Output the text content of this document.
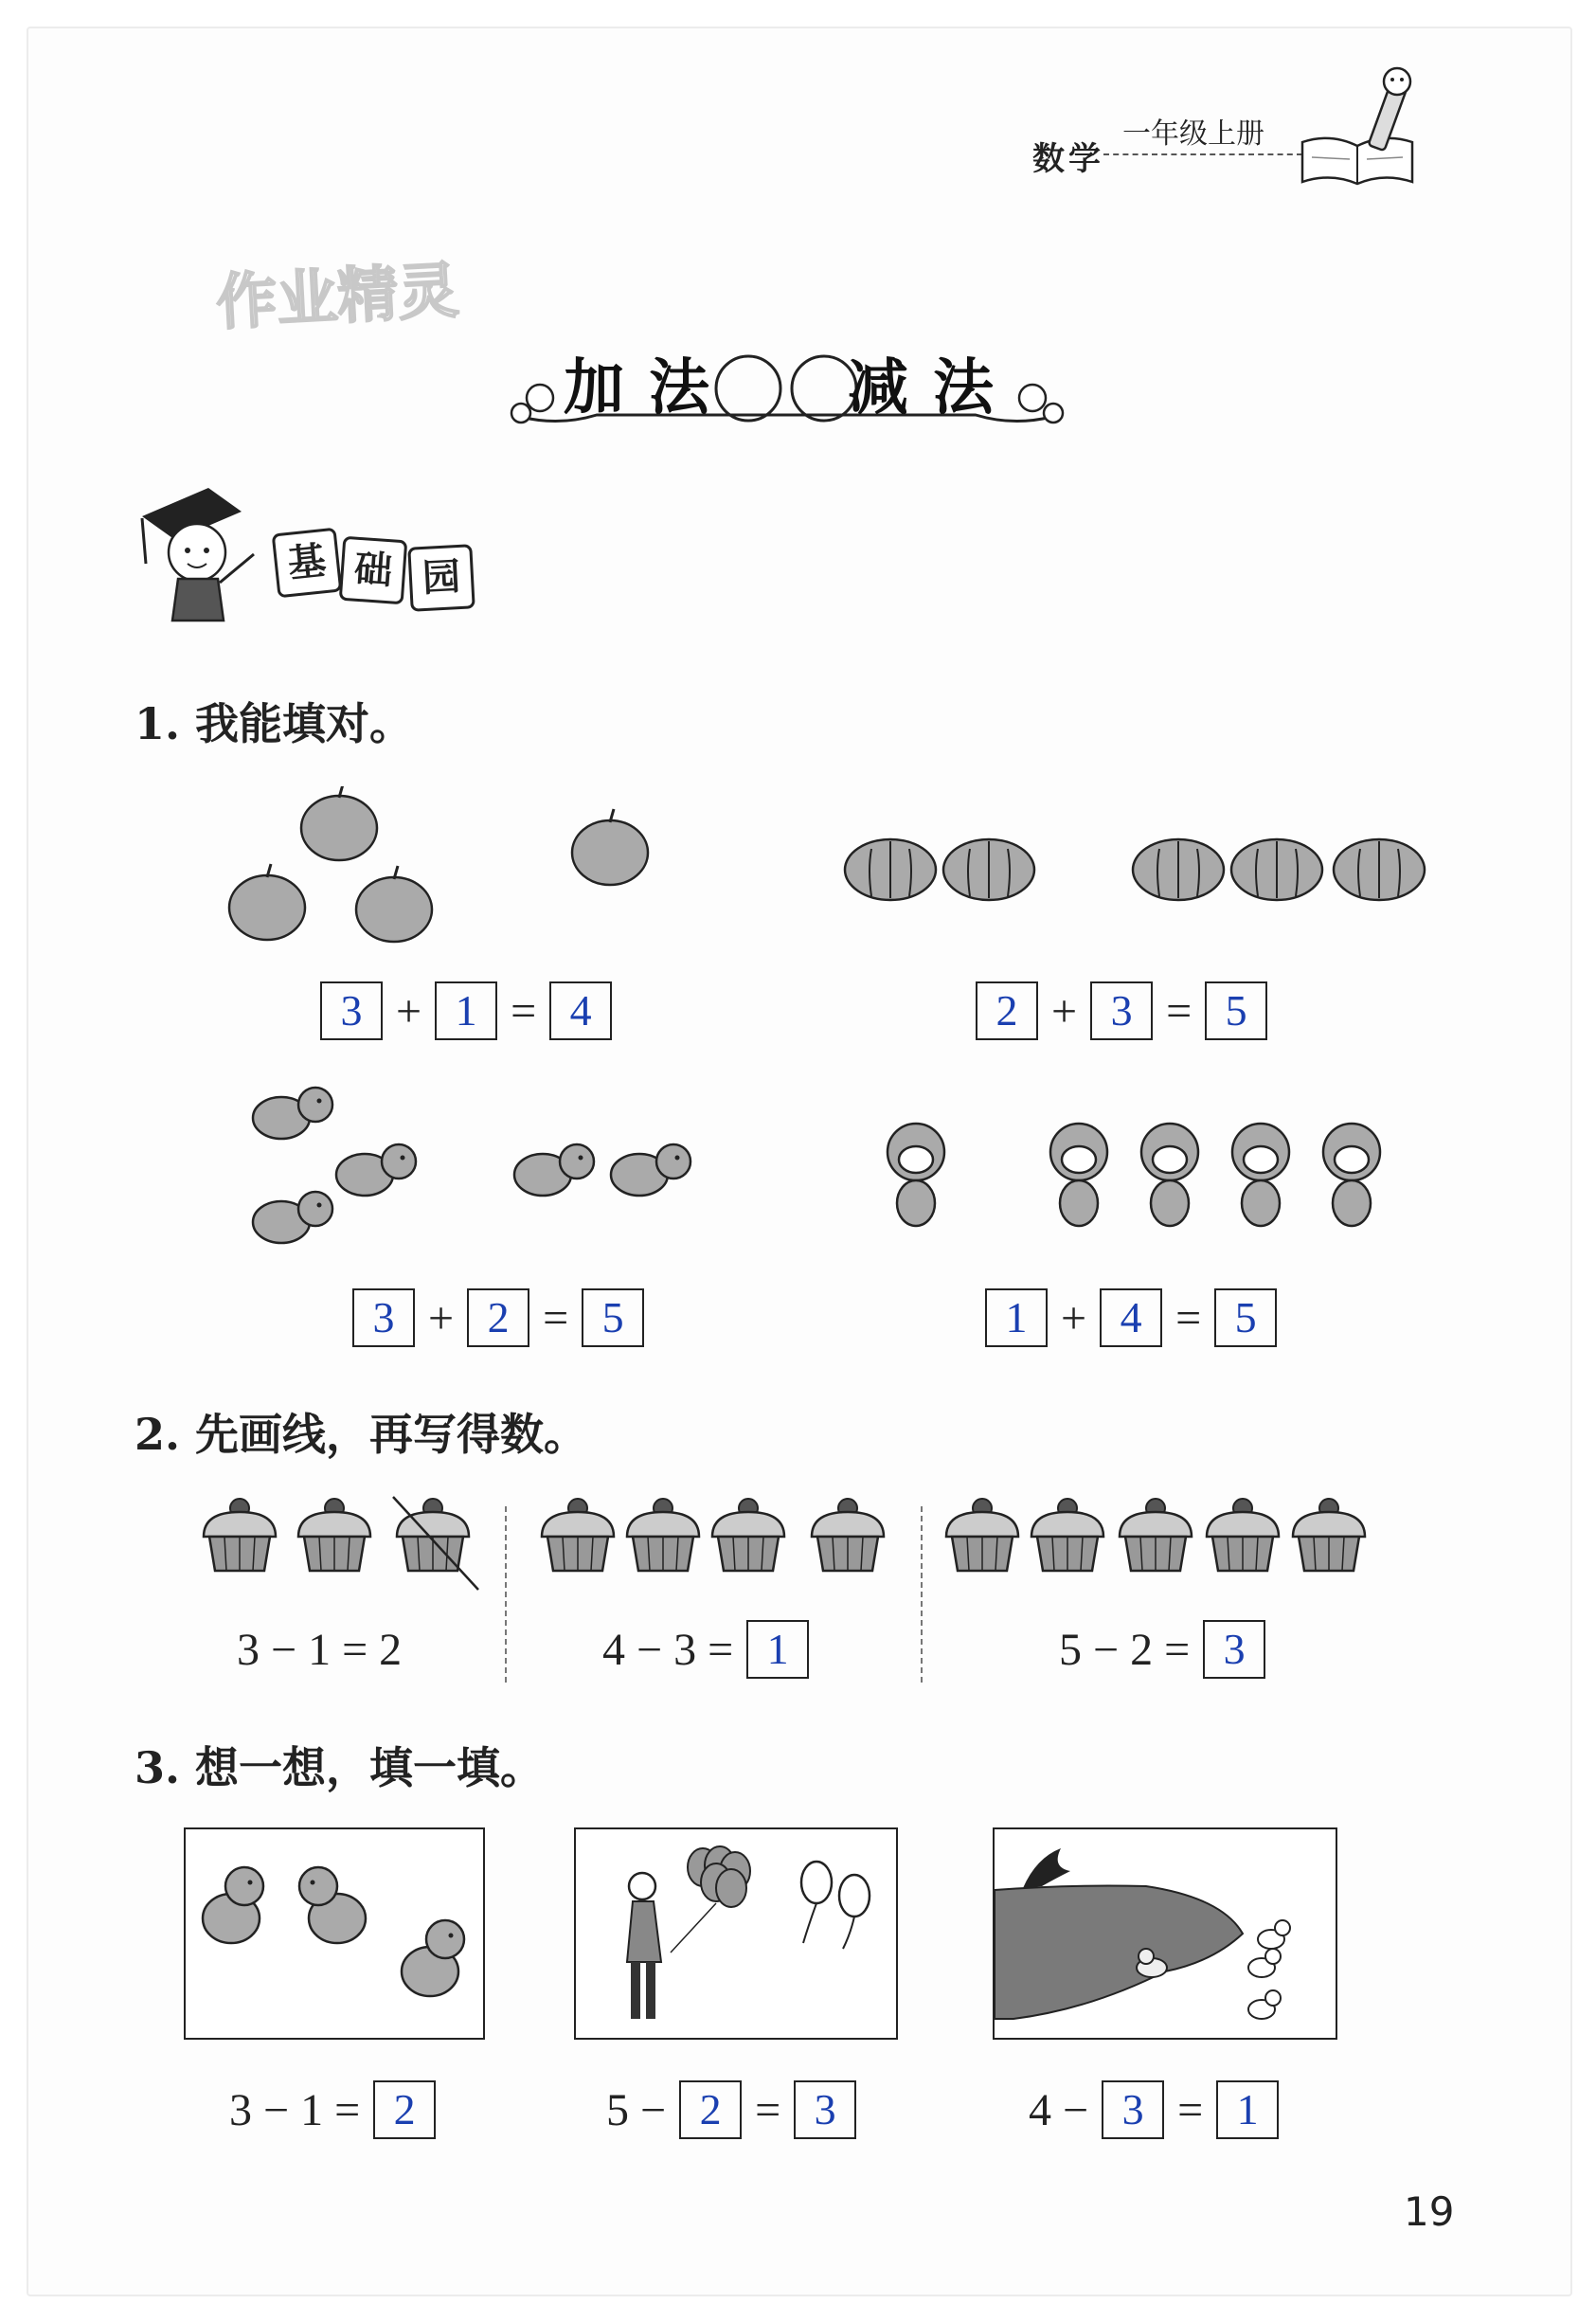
数学
一年级上册
作业精灵
加 法 减 法
基 础 园
1. 我能填对。
3 + 1 = 4	2 + 3 = 5
3 + 2 = 5	1 + 4 = 5
2. 先画线，再写得数。
3 − 1 = 2	4 − 3 = 1	5 − 2 = 3
3. 想一想，填一填。
3 − 1 = 2	5 − 2 = 3	4 − 3 = 1
19
